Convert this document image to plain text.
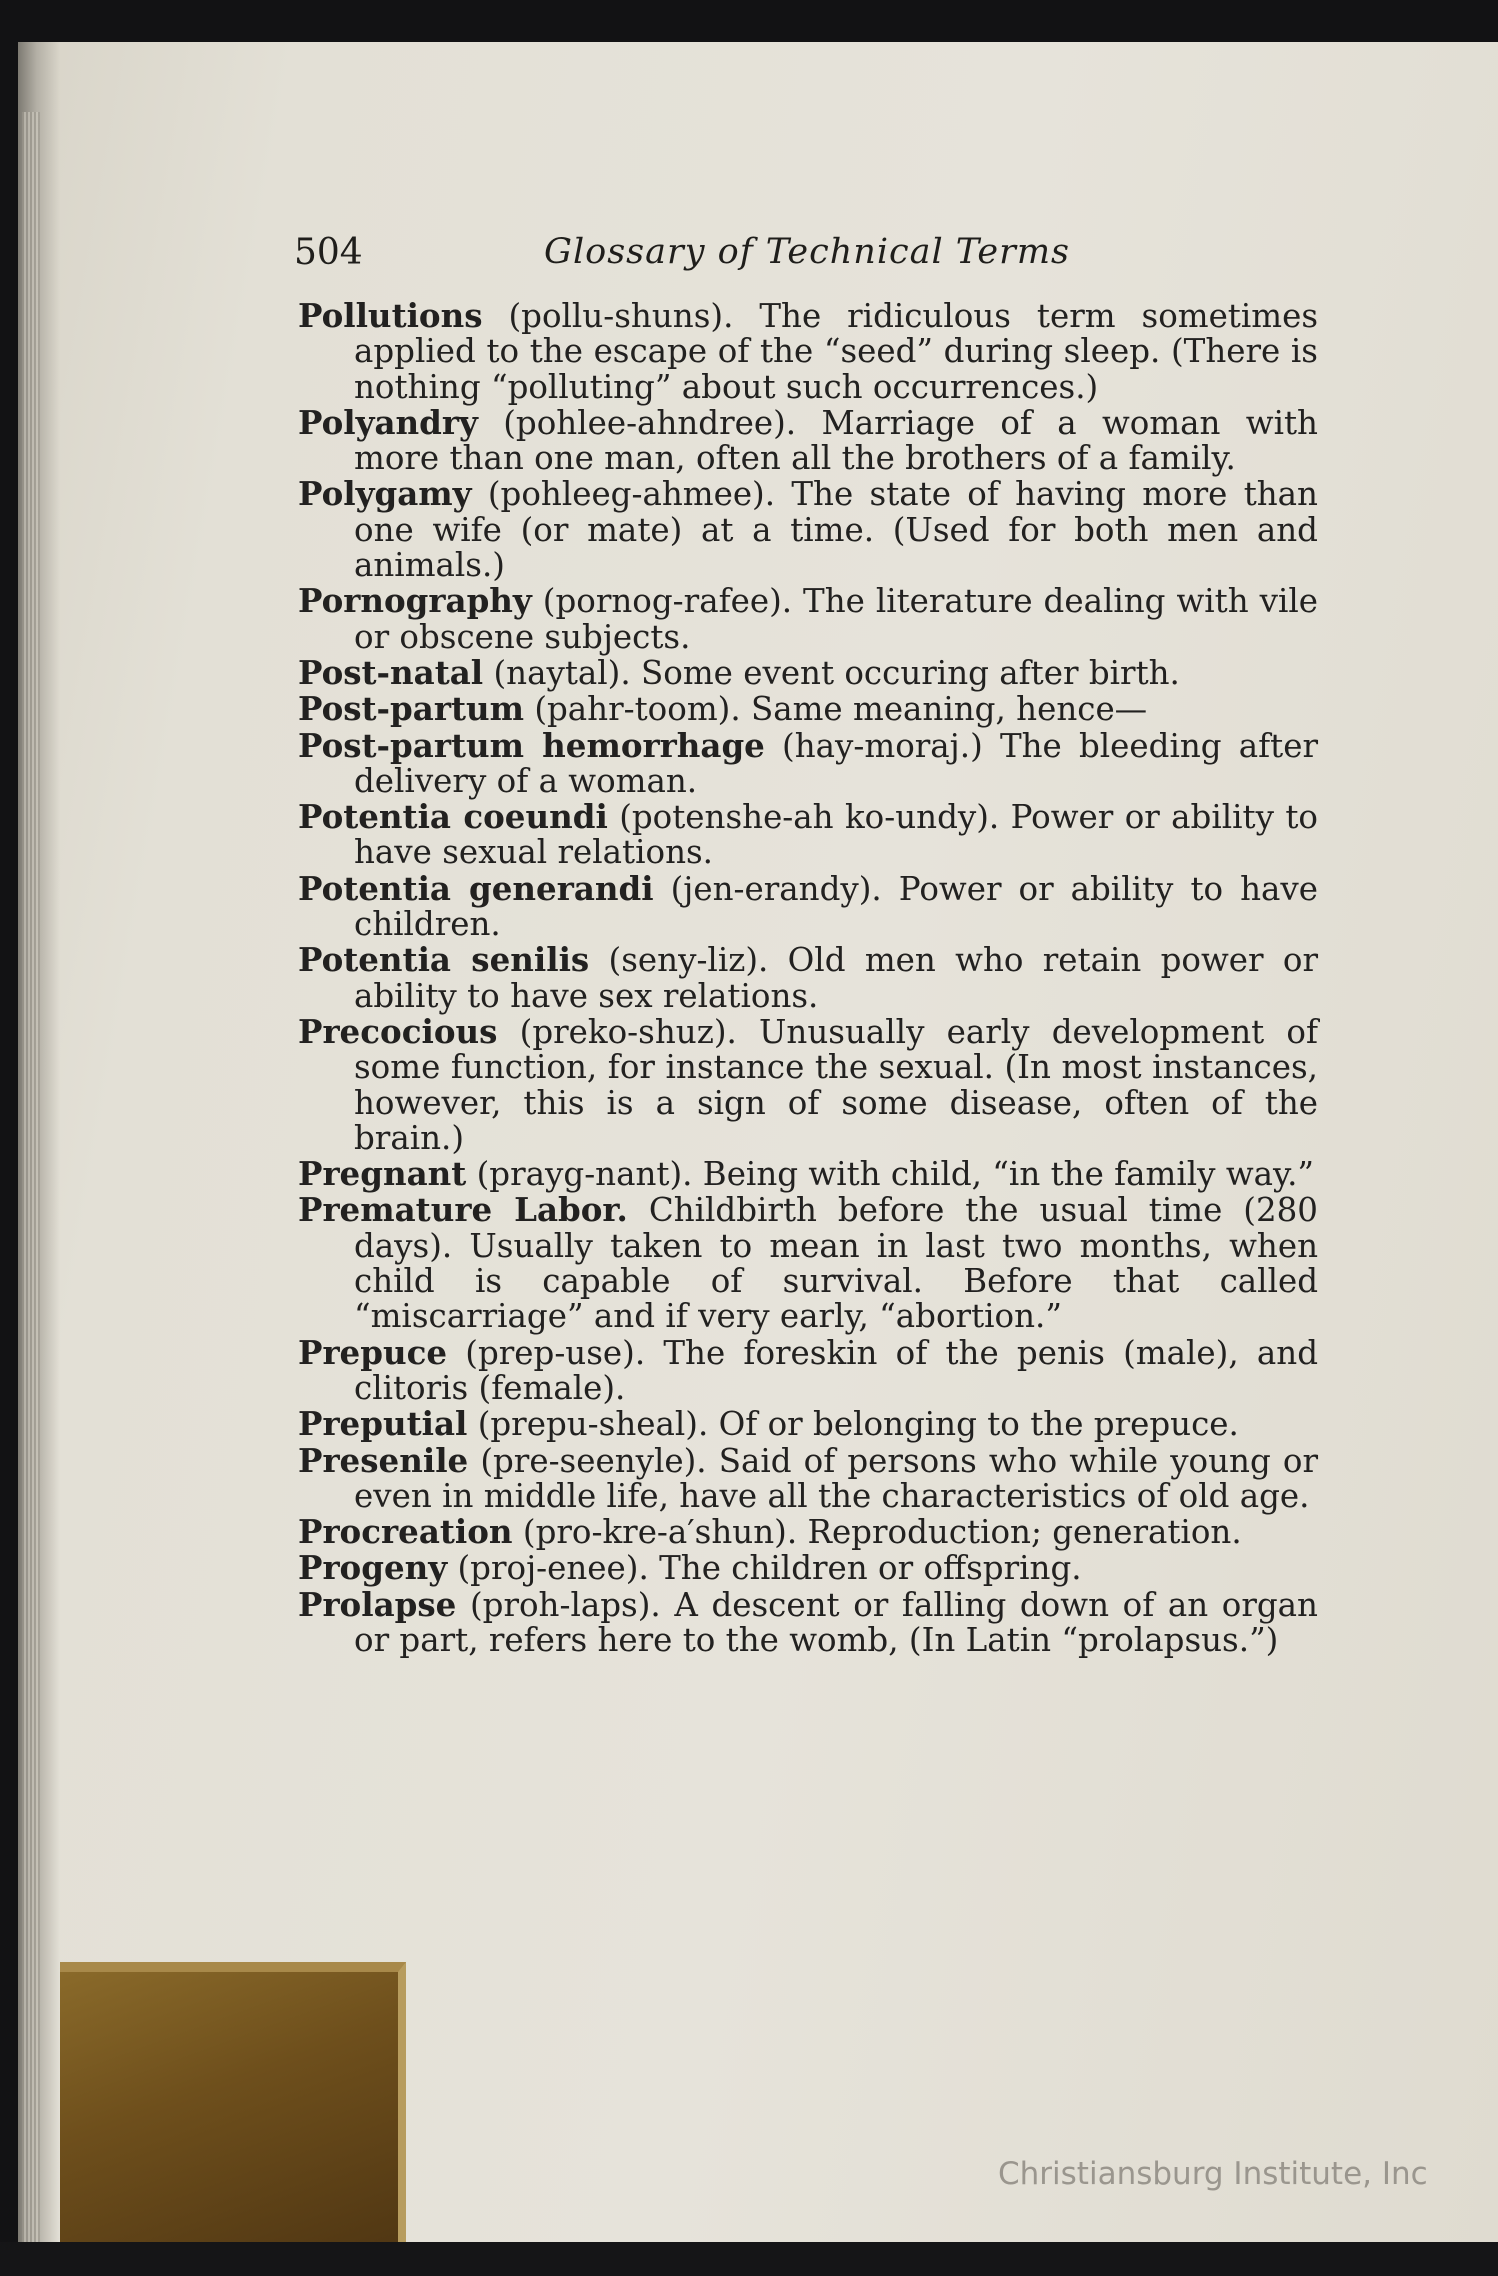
504	Glossary of Technical Terms

Pollutions (pollu-shuns). The ridiculous term sometimes applied to the escape of the “seed” during sleep. (There is nothing “polluting” about such occurrences.)

Polyandry (pohlee-ahndree). Marriage of a woman with more than one man, often all the brothers of a family.

Polygamy (pohleeg-ahmee). The state of having more than one wife (or mate) at a time. (Used for both men and animals.)

Pornography (pornog-rafee). The literature dealing with vile or obscene subjects.

Post-natal (naytal). Some event occuring after birth.

Post-partum (pahr-toom). Same meaning, hence—

Post-partum hemorrhage (hay-moraj.) The bleeding after delivery of a woman.

Potentia coeundi (potenshe-ah ko-undy). Power or ability to have sexual relations.

Potentia generandi (jen-erandy). Power or ability to have children.

Potentia senilis (seny-liz). Old men who retain power or ability to have sex relations.

Precocious (preko-shuz). Unusually early development of some function, for instance the sexual. (In most instances, however, this is a sign of some disease, often of the brain.)

Pregnant (prayg-nant). Being with child, “in the family way.”

Premature Labor. Childbirth before the usual time (280 days). Usually taken to mean in last two months, when child is capable of survival. Before that called “miscarriage” and if very early, “abortion.”

Prepuce (prep-use). The foreskin of the penis (male), and clitoris (female).

Preputial (prepu-sheal). Of or belonging to the prepuce.

Presenile (pre-seenyle). Said of persons who while young or even in middle life, have all the characteristics of old age.

Procreation (pro-kre-a′shun). Reproduction; generation.

Progeny (proj-enee). The children or offspring.

Prolapse (proh-laps). A descent or falling down of an organ or part, refers here to the womb, (In Latin “prolapsus.”)

Christiansburg Institute, Inc
